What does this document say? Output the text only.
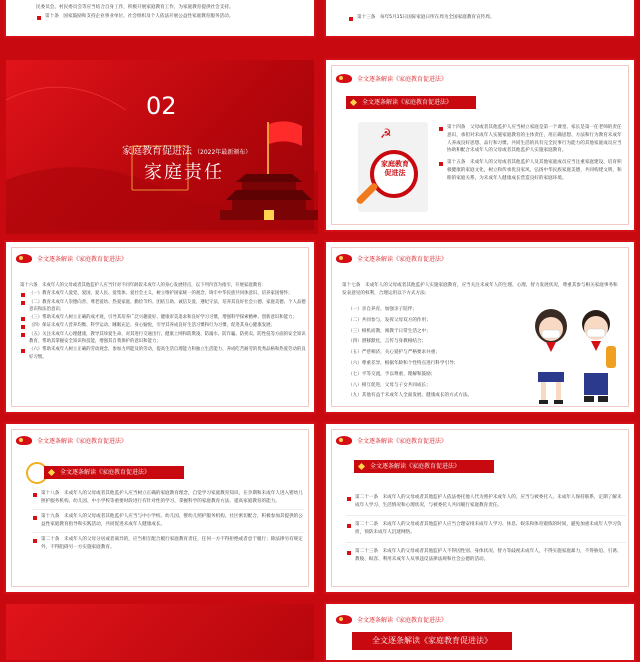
民委员会、村民委员会等应当结合自身工作，积极开展家庭教育工作，为家庭教育提供社会支持。

第十条　国家鼓励和支持企业事业单位、社会组织及个人依法开展公益性家庭教育服务活动。	第十三条　每年5月15日国际家庭日所在周为全国家庭教育宣传周。

02
家庭教育促进法 （2022年最新颁布）
家庭责任
全文逐条解读《家庭教育促进法》
全文逐条解读《家庭教育促进法》
☭
家庭教育促进法

第十四条　父母或者其他监护人应当树立家庭是第一个课堂、家长是第一任老师的责任意识，承担对未成年人实施家庭教育的主体责任，用正确思想、方法和行为教育未成年人养成良好思想、品行和习惯。共同生活的具有完全民事行为能力的其他家庭成员应当协助和配合未成年人的父母或者其他监护人实施家庭教育。

第十五条　未成年人的父母或者其他监护人及其他家庭成员应当注重家庭建设，培育积极健康的家庭文化，树立和传承优良家风，弘扬中华民族家庭美德，共同构建文明、和睦的家庭关系，为未成年人健康成长营造良好的家庭环境。

全文逐条解读《家庭教育促进法》

第十六条　未成年人的父母或者其他监护人应当针对不同年龄段未成年人的身心发展特点，以下列内容为指引，开展家庭教育：

（一）教育未成年人爱党、爱国、爱人民、爱集体、爱社会主义，树立维护国家统一的观念，铸牢中华民族共同体意识，培养家国情怀；

（二）教育未成年人崇德向善、尊老爱幼、热爱家庭、勤俭节约、团结互助、诚信友爱、遵纪守法，培养其良好社会公德、家庭美德、个人品德意识和法治意识；

（三）帮助未成年人树立正确的成才观，引导其培养广泛兴趣爱好、健康审美追求和良好学习习惯，增强科学探索精神、创新意识和能力；

（四）保证未成年人营养均衡、科学运动、睡眠充足、身心愉悦，引导其养成良好生活习惯和行为习惯，促进其身心健康发展；

（五）关注未成年人心理健康，教导其珍爱生命，对其进行交通出行、健康上网和防欺凌、防溺水、防诈骗、防拐卖、防性侵等方面的安全知识教育，帮助其掌握安全知识和技能，增强其自我保护的意识和能力；

（六）帮助未成年人树立正确的劳动观念，参加力所能及的劳动，提高生活自理能力和独立生活能力，养成吃苦耐劳的优秀品格和热爱劳动的良好习惯。

全文逐条解读《家庭教育促进法》

第十七条　未成年人的父母或者其他监护人实施家庭教育，应当关注未成年人的生理、心理、智力发展状况，尊重其参与相关家庭事务和发表意见的权利，合理运用以下方式方法：

（一）亲自养育，加强亲子陪伴；

（二）共同参与，发挥父母双方的作用；

（三）相机而教，寓教于日常生活之中；

（四）潜移默化，言传与身教相结合；

（五）严慈相济，关心爱护与严格要求并重；

（六）尊重差异，根据年龄和个性特点进行科学引导；

（七）平等交流，予以尊重、理解和鼓励；

（八）相互促进，父母与子女共同成长；

（九）其他有益于未成年人全面发展、健康成长的方式方法。

全文逐条解读《家庭教育促进法》
全文逐条解读《家庭教育促进法》

第十八条　未成年人的父母或者其他监护人应当树立正确的家庭教育理念，自觉学习家庭教育知识，在孕期和未成年人进入婴幼儿照护服务机构、幼儿园、中小学校等重要时段进行有针对性的学习，掌握科学的家庭教育方法，提高家庭教育的能力。

第十九条　未成年人的父母或者其他监护人应当与中小学校、幼儿园、婴幼儿照护服务机构、社区密切配合，积极参加其提供的公益性家庭教育指导和实践活动，共同促进未成年人健康成长。

第二十条　未成年人的父母分居或者离异的，应当相互配合履行家庭教育责任，任何一方不得拒绝或者怠于履行；除法律另有规定外，不得阻碍另一方实施家庭教育。

全文逐条解读《家庭教育促进法》
全文逐条解读《家庭教育促进法》

第二十一条　未成年人的父母或者其他监护人依法委托他人代为照护未成年人的，应当与被委托人、未成年人保持联系，定期了解未成年人学习、生活情况和心理状况，与被委托人共同履行家庭教育责任。

第二十二条　未成年人的父母或者其他监护人应当合理安排未成年人学习、休息、娱乐和体育锻炼的时间，避免加重未成年人学习负担，预防未成年人沉迷网络。

第二十三条　未成年人的父母或者其他监护人不得因性别、身体状况、智力等歧视未成年人，不得实施家庭暴力，不得胁迫、引诱、教唆、纵容、利用未成年人从事违反法律法规和社会公德的活动。

全文逐条解读《家庭教育促进法》
全文逐条解读《家庭教育促进法》
